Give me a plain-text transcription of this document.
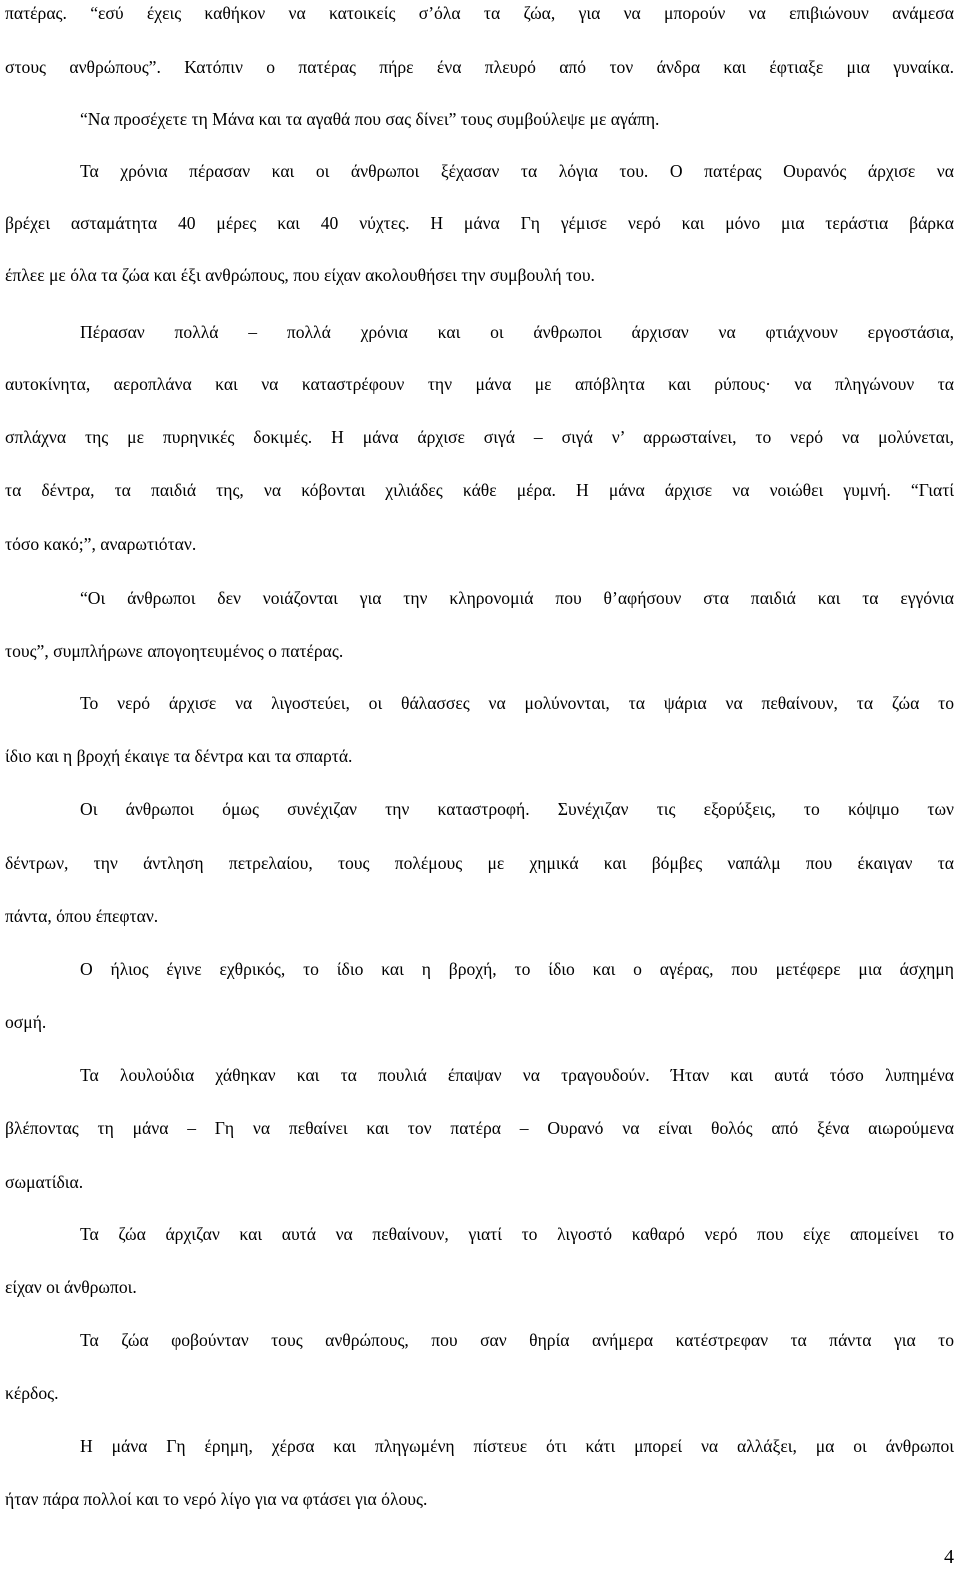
πατέρας. “εσύ έχεις καθήκον να κατοικείς σ’όλα τα ζώα, για να μπορούν να επιβιώνουν ανάμεσα
στους ανθρώπους”. Κατόπιν ο πατέρας πήρε ένα πλευρό από τον άνδρα και έφτιαξε μια γυναίκα.
“Να προσέχετε τη Μάνα και τα αγαθά που σας δίνει” τους συμβούλεψε με αγάπη.
Τα χρόνια πέρασαν και οι άνθρωποι ξέχασαν τα λόγια του. Ο πατέρας Ουρανός άρχισε να
βρέχει ασταμάτητα 40 μέρες και 40 νύχτες. Η μάνα Γη γέμισε νερό και μόνο μια τεράστια βάρκα
έπλεε με όλα τα ζώα και έξι ανθρώπους, που είχαν ακολουθήσει την συμβουλή του.
Πέρασαν πολλά – πολλά χρόνια και οι άνθρωποι άρχισαν να φτιάχνουν εργοστάσια,
αυτοκίνητα, αεροπλάνα και να καταστρέφουν την μάνα με απόβλητα και ρύπους· να πληγώνουν τα
σπλάχνα της με πυρηνικές δοκιμές. Η μάνα άρχισε σιγά – σιγά ν’ αρρωσταίνει, το νερό να μολύνεται,
τα δέντρα, τα παιδιά της, να κόβονται χιλιάδες κάθε μέρα. Η μάνα άρχισε να νοιώθει γυμνή. “Γιατί
τόσο κακό;”, αναρωτιόταν.
“Οι άνθρωποι δεν νοιάζονται για την κληρονομιά που θ’αφήσουν στα παιδιά και τα εγγόνια
τους”, συμπλήρωνε απογοητευμένος ο πατέρας.
Το νερό άρχισε να λιγοστεύει, οι θάλασσες να μολύνονται, τα ψάρια να πεθαίνουν, τα ζώα το
ίδιο και η βροχή έκαιγε τα δέντρα και τα σπαρτά.
Οι άνθρωποι όμως συνέχιζαν την καταστροφή. Συνέχιζαν τις εξορύξεις, το κόψιμο των
δέντρων, την άντληση πετρελαίου, τους πολέμους με χημικά και βόμβες ναπάλμ που έκαιγαν τα
πάντα, όπου έπεφταν.
Ο ήλιος έγινε εχθρικός, το ίδιο και η βροχή, το ίδιο και ο αγέρας, που μετέφερε μια άσχημη
οσμή.
Τα λουλούδια χάθηκαν και τα πουλιά έπαψαν να τραγουδούν. Ήταν και αυτά τόσο λυπημένα
βλέποντας τη μάνα – Γη να πεθαίνει και τον πατέρα – Ουρανό να είναι θολός από ξένα αιωρούμενα
σωματίδια.
Τα ζώα άρχιζαν και αυτά να πεθαίνουν, γιατί το λιγοστό καθαρό νερό που είχε απομείνει το
είχαν οι άνθρωποι.
Τα ζώα φοβούνταν τους ανθρώπους, που σαν θηρία ανήμερα κατέστρεφαν τα πάντα για το
κέρδος.
Η μάνα Γη έρημη, χέρσα και πληγωμένη πίστευε ότι κάτι μπορεί να αλλάξει, μα οι άνθρωποι
ήταν πάρα πολλοί και το νερό λίγο για να φτάσει για όλους.
4
